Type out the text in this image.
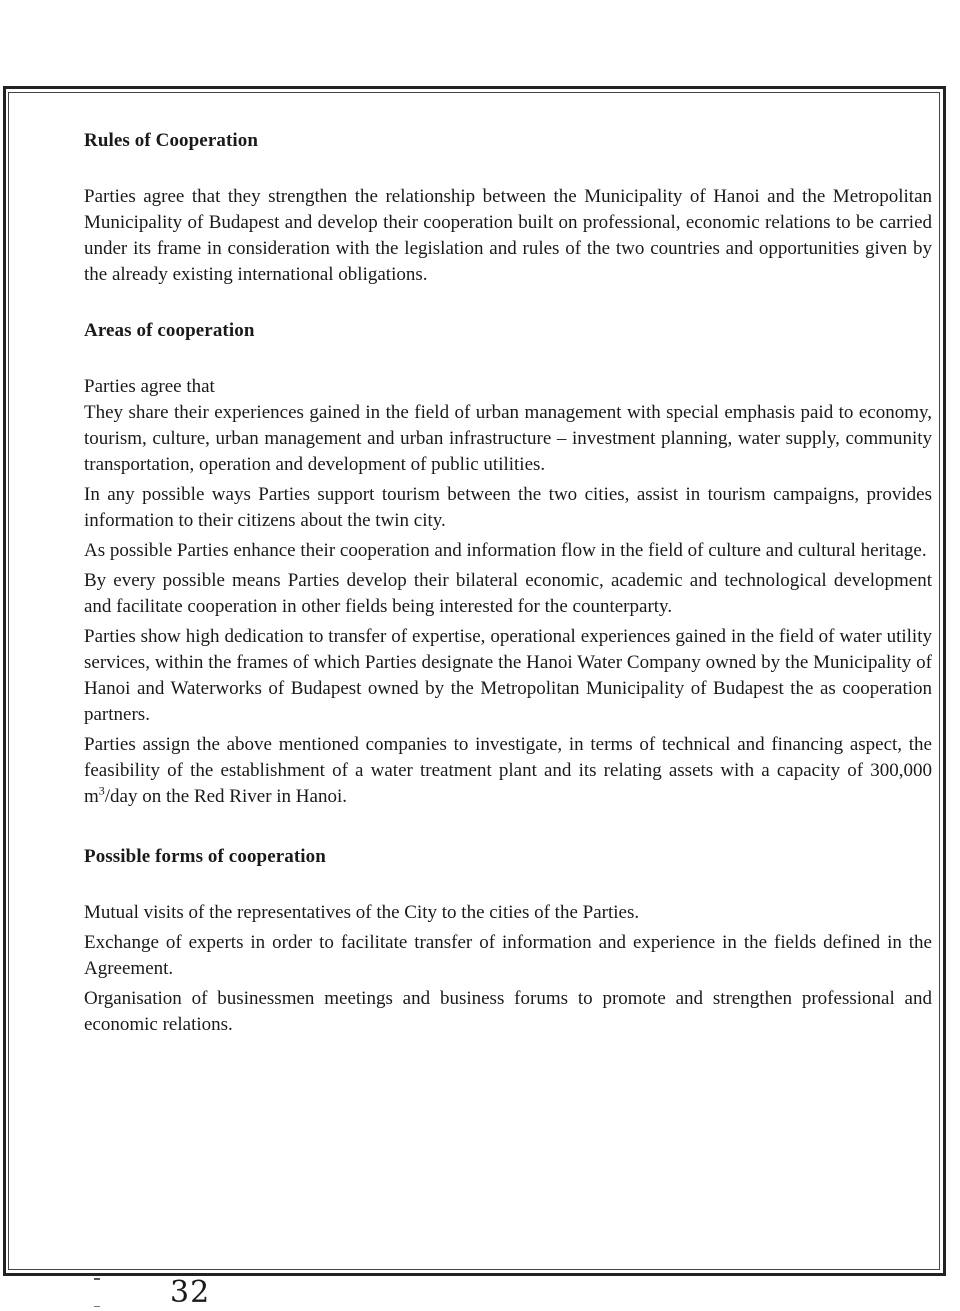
Rules of Cooperation

Parties agree that they strengthen the relationship between the Municipality of Hanoi and the Metropolitan Municipality of Budapest and develop their cooperation built on professional, economic relations to be carried under its frame in consideration with the legislation and rules of the two countries and opportunities given by the already existing international obligations.

Areas of cooperation

Parties agree that

They share their experiences gained in the field of urban management with special emphasis paid to economy, tourism, culture, urban management and urban infrastructure – investment planning, water supply, community transportation, operation and development of public utilities.

In any possible ways Parties support tourism between the two cities, assist in tourism campaigns, provides information to their citizens about the twin city.

As possible Parties enhance their cooperation and information flow in the field of culture and cultural heritage.

By every possible means Parties develop their bilateral economic, academic and technological development and facilitate cooperation in other fields being interested for the counterparty.

Parties show high dedication to transfer of expertise, operational experiences gained in the field of water utility services, within the frames of which Parties designate the Hanoi Water Company owned by the Municipality of Hanoi and Waterworks of Budapest owned by the Metropolitan Municipality of Budapest the as cooperation partners.

Parties assign the above mentioned companies to investigate, in terms of technical and financing aspect, the feasibility of the establishment of a water treatment plant and its relating assets with a capacity of 300,000 $m^3$/day on the Red River in Hanoi.

Possible forms of cooperation

Mutual visits of the representatives of the City to the cities of the Parties.

Exchange of experts in order to facilitate transfer of information and experience in the fields defined in the Agreement.

Organisation of businessmen meetings and business forums to promote and strengthen professional and economic relations.

32
